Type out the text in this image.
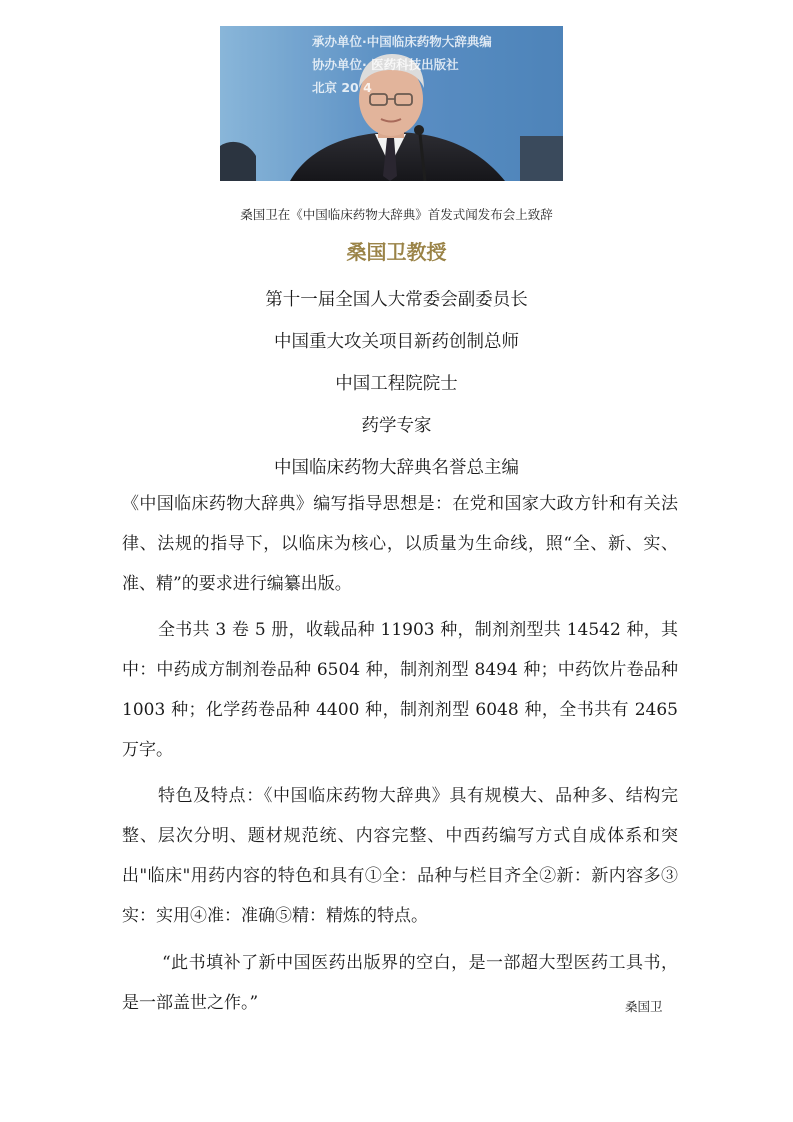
承办单位·中国临床药物大辞典编
协办单位· 医药科技出版社
北京 20 4
桑国卫在《中国临床药物大辞典》首发式闻发布会上致辞
桑国卫教授
第十一届全国人大常委会副委员长
中国重大攻关项目新药创制总师
中国工程院院士
药学专家
中国临床药物大辞典名誉总主编
《中国临床药物大辞典》编写指导思想是：在党和国家大政方针和有关法律、法规的指导下，以临床为核心，以质量为生命线，照“全、新、实、准、精”的要求进行编纂出版。
全书共 3 卷 5 册，收载品种 11903 种，制剂剂型共 14542 种，其中：中药成方制剂卷品种 6504 种，制剂剂型 8494 种；中药饮片卷品种 1003 种；化学药卷品种 4400 种，制剂剂型 6048 种，全书共有 2465 万字。
特色及特点：《中国临床药物大辞典》具有规模大、品种多、结构完整、层次分明、题材规范统、内容完整、中西药编写方式自成体系和突出"临床"用药内容的特色和具有①全：品种与栏目齐全②新：新内容多③实：实用④准：准确⑤精：精炼的特点。
“此书填补了新中国医药出版界的空白，是一部超大型医药工具书，是一部盖世之作。”	桑国卫
